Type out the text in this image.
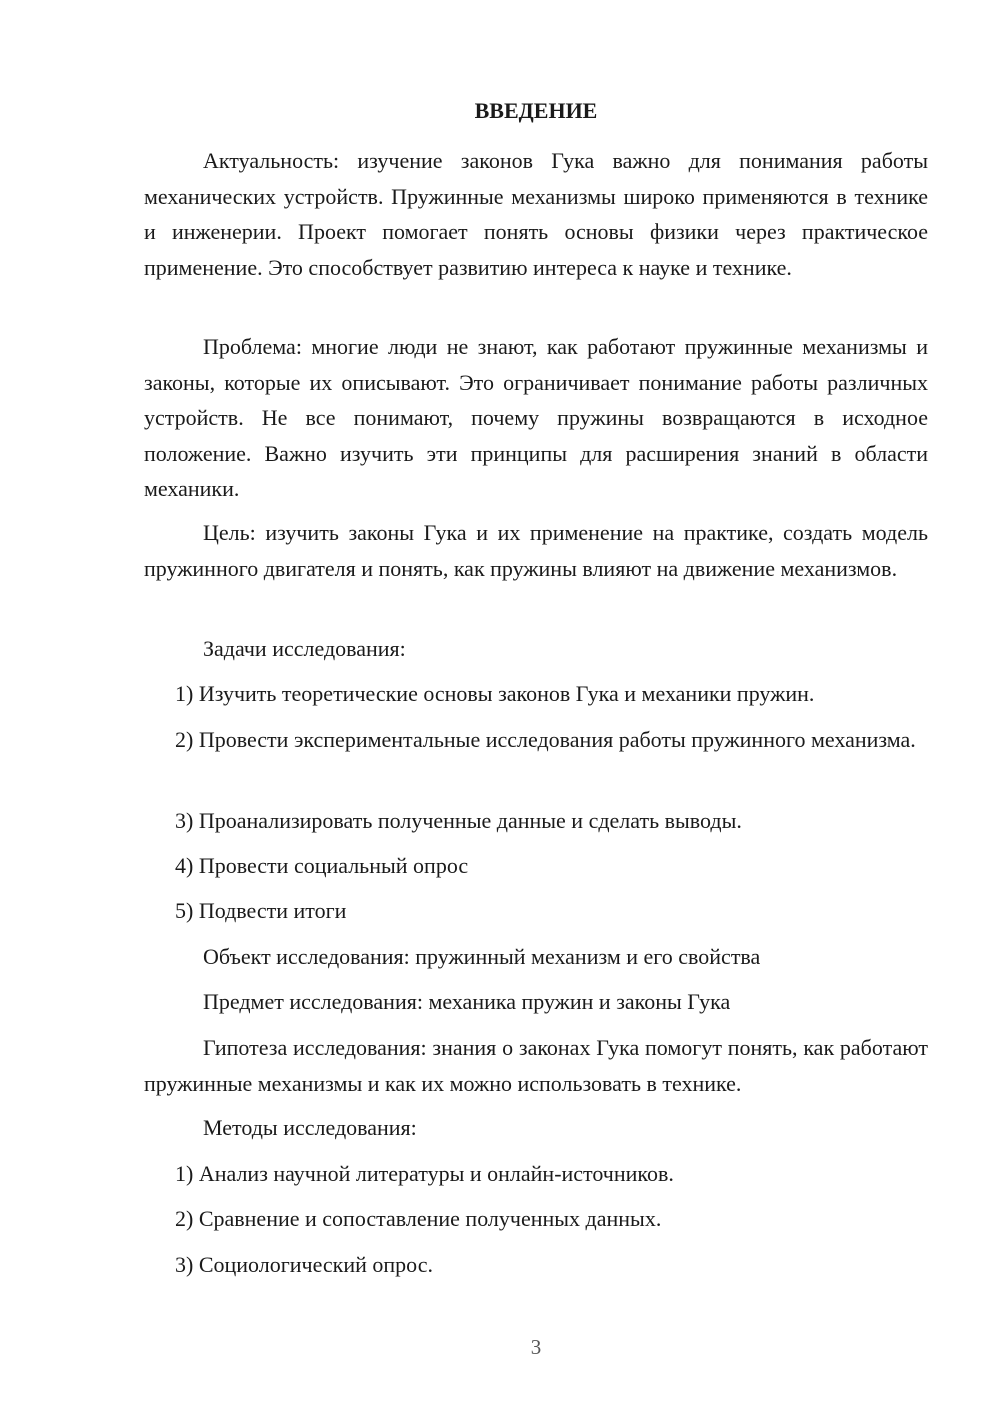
ВВЕДЕНИЕ

Актуальность: изучение законов Гука важно для понимания работы механических устройств. Пружинные механизмы широко применяются в технике и инженерии. Проект помогает понять основы физики через практическое применение. Это способствует развитию интереса к науке и технике.

Проблема: многие люди не знают, как работают пружинные механизмы и законы, которые их описывают. Это ограничивает понимание работы различных устройств. Не все понимают, почему пружины возвращаются в исходное положение. Важно изучить эти принципы для расширения знаний в области механики.

Цель: изучить законы Гука и их применение на практике, создать модель пружинного двигателя и понять, как пружины влияют на движение механизмов.

Задачи исследования:

1) Изучить теоретические основы законов Гука и механики пружин.

2) Провести экспериментальные исследования работы пружинного механизма.

3) Проанализировать полученные данные и сделать выводы.

4) Провести социальный опрос

5) Подвести итоги

Объект исследования: пружинный механизм и его свойства

Предмет исследования: механика пружин и законы Гука

Гипотеза исследования: знания о законах Гука помогут понять, как работают пружинные механизмы и как их можно использовать в технике.

Методы исследования:

1) Анализ научной литературы и онлайн-источников.

2) Сравнение и сопоставление полученных данных.

3) Социологический опрос.

3
